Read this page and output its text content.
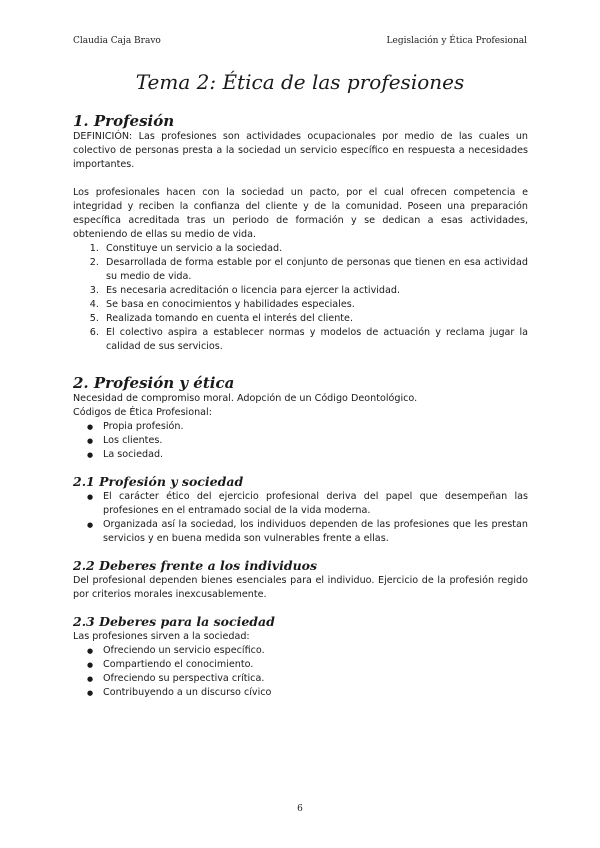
Claudia Caja Bravo	Legislación y Ética Profesional
Tema 2: Ética de las profesiones
1. Profesión

DEFINICIÓN: Las profesiones son actividades ocupacionales por medio de las cuales un colectivo de personas presta a la sociedad un servicio específico en respuesta a necesidades importantes.

Los profesionales hacen con la sociedad un pacto, por el cual ofrecen competencia e integridad y reciben la confianza del cliente y de la comunidad. Poseen una preparación específica acreditada tras un periodo de formación y se dedican a esas actividades, obteniendo de ellas su medio de vida.

1. Constituye un servicio a la sociedad.
2. Desarrollada de forma estable por el conjunto de personas que tienen en esa actividad su medio de vida.
3. Es necesaria acreditación o licencia para ejercer la actividad.
4. Se basa en conocimientos y habilidades especiales.
5. Realizada tomando en cuenta el interés del cliente.
6. El colectivo aspira a establecer normas y modelos de actuación y reclama jugar la calidad de sus servicios.
2. Profesión y ética

Necesidad de compromiso moral. Adopción de un Código Deontológico.

Códigos de Ética Profesional:

● Propia profesión.
● Los clientes.
● La sociedad.
2.1 Profesión y sociedad
● El carácter ético del ejercicio profesional deriva del papel que desempeñan las profesiones en el entramado social de la vida moderna.
● Organizada así la sociedad, los individuos dependen de las profesiones que les prestan servicios y en buena medida son vulnerables frente a ellas.
2.2 Deberes frente a los individuos

Del profesional dependen bienes esenciales para el individuo. Ejercicio de la profesión regido por criterios morales inexcusablemente.

2.3 Deberes para la sociedad

Las profesiones sirven a la sociedad:

● Ofreciendo un servicio específico.
● Compartiendo el conocimiento.
● Ofreciendo su perspectiva crítica.
● Contribuyendo a un discurso cívico
6
